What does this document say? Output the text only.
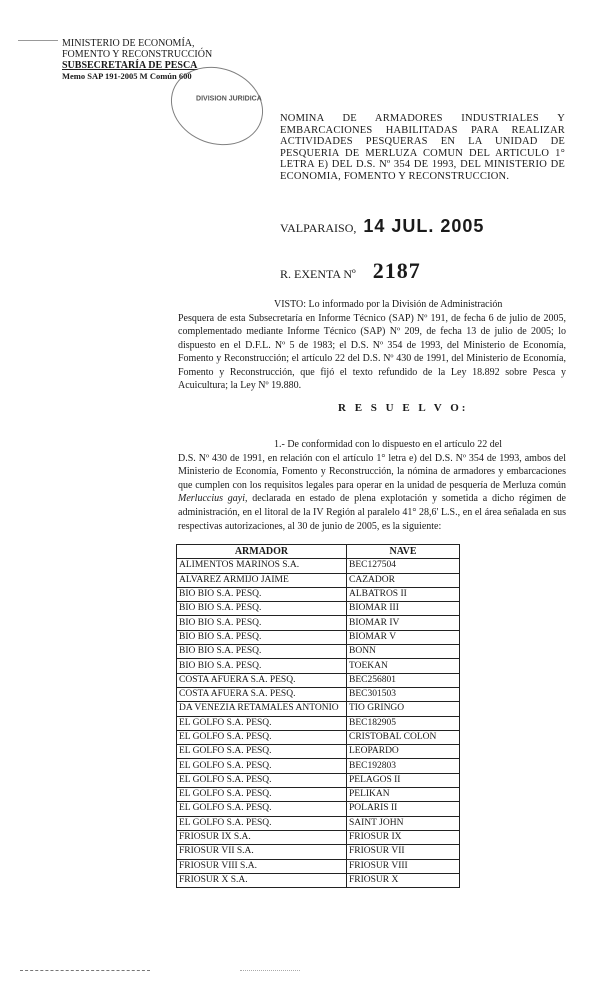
MINISTERIO DE ECONOMÍA,
FOMENTO Y RECONSTRUCCIÓN
SUBSECRETARÍA DE PESCA
Memo SAP 191-2005 M Común 600
DIVISION JURIDICA
NOMINA DE ARMADORES INDUSTRIALES Y EMBARCACIONES HABILITADAS PARA REALIZAR ACTIVIDADES PESQUERAS EN LA UNIDAD DE PESQUERIA DE MERLUZA COMUN DEL ARTICULO 1° LETRA E) DEL D.S. Nº 354 DE 1993, DEL MINISTERIO DE ECONOMIA, FOMENTO Y RECONSTRUCCION.
VALPARAISO, 14 JUL. 2005
R. EXENTA Nº 2187
VISTO: Lo informado por la División de Administración
Pesquera de esta Subsecretaría en Informe Técnico (SAP) Nº 191, de fecha 6 de julio de 2005, complementado mediante Informe Técnico (SAP) Nº 209, de fecha 13 de julio de 2005; lo dispuesto en el D.F.L. Nº 5 de 1983; el D.S. Nº 354 de 1993, del Ministerio de Economía, Fomento y Reconstrucción; el artículo 22 del D.S. Nº 430 de 1991, del Ministerio de Economía, Fomento y Reconstrucción, que fijó el texto refundido de la Ley 18.892 sobre Pesca y Acuicultura; la Ley Nº 19.880.
R E S U E L V O:
1.- De conformidad con lo dispuesto en el artículo 22 del
D.S. Nº 430 de 1991, en relación con el artículo 1° letra e) del D.S. Nº 354 de 1993, ambos del Ministerio de Economía, Fomento y Reconstrucción, la nómina de armadores y embarcaciones que cumplen con los requisitos legales para operar en la unidad de pesquería de Merluza común Merluccius gayi, declarada en estado de plena explotación y sometida a dicho régimen de administración, en el litoral de la IV Región al paralelo 41° 28,6' L.S., en el área señalada en sus respectivas autorizaciones, al 30 de junio de 2005, es la siguiente:
ARMADOR	NAVE
ALIMENTOS MARINOS S.A.	BEC127504
ALVAREZ ARMIJO JAIME	CAZADOR
BIO BIO S.A. PESQ.	ALBATROS II
BIO BIO S.A. PESQ.	BIOMAR III
BIO BIO S.A. PESQ.	BIOMAR IV
BIO BIO S.A. PESQ.	BIOMAR V
BIO BIO S.A. PESQ.	BONN
BIO BIO S.A. PESQ.	TOEKAN
COSTA AFUERA S.A. PESQ.	BEC256801
COSTA AFUERA S.A. PESQ.	BEC301503
DA VENEZIA RETAMALES ANTONIO	TIO GRINGO
EL GOLFO S.A. PESQ.	BEC182905
EL GOLFO S.A. PESQ.	CRISTOBAL COLON
EL GOLFO S.A. PESQ.	LEOPARDO
EL GOLFO S.A. PESQ.	BEC192803
EL GOLFO S.A. PESQ.	PELAGOS II
EL GOLFO S.A. PESQ.	PELIKAN
EL GOLFO S.A. PESQ.	POLARIS II
EL GOLFO S.A. PESQ.	SAINT JOHN
FRIOSUR IX S.A.	FRIOSUR IX
FRIOSUR VII S.A.	FRIOSUR VII
FRIOSUR VIII S.A.	FRIOSUR VIII
FRIOSUR X S.A.	FRIOSUR X
